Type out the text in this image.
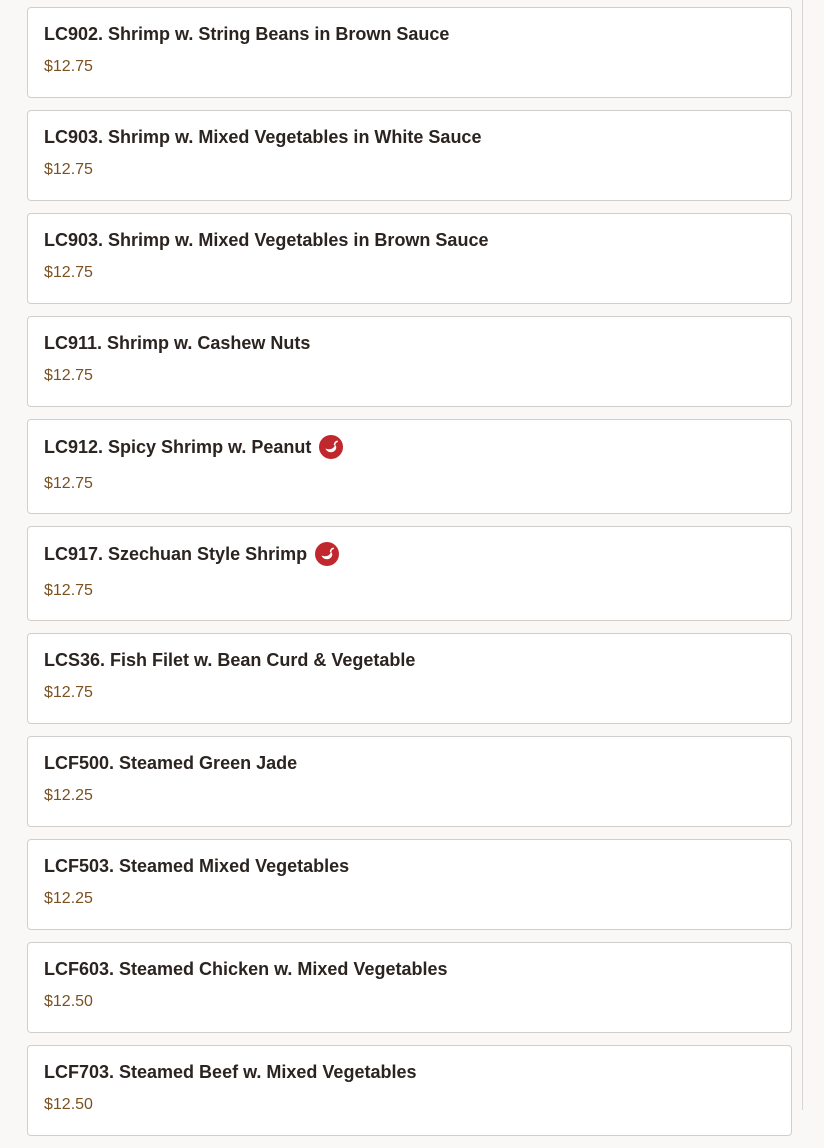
LC902. Shrimp w. String Beans in Brown Sauce
$12.75
LC903. Shrimp w. Mixed Vegetables in White Sauce
$12.75
LC903. Shrimp w. Mixed Vegetables in Brown Sauce
$12.75
LC911. Shrimp w. Cashew Nuts
$12.75
LC912. Spicy Shrimp w. Peanut
$12.75
LC917. Szechuan Style Shrimp
$12.75
LCS36. Fish Filet w. Bean Curd & Vegetable
$12.75
LCF500. Steamed Green Jade
$12.25
LCF503. Steamed Mixed Vegetables
$12.25
LCF603. Steamed Chicken w. Mixed Vegetables
$12.50
LCF703. Steamed Beef w. Mixed Vegetables
$12.50
